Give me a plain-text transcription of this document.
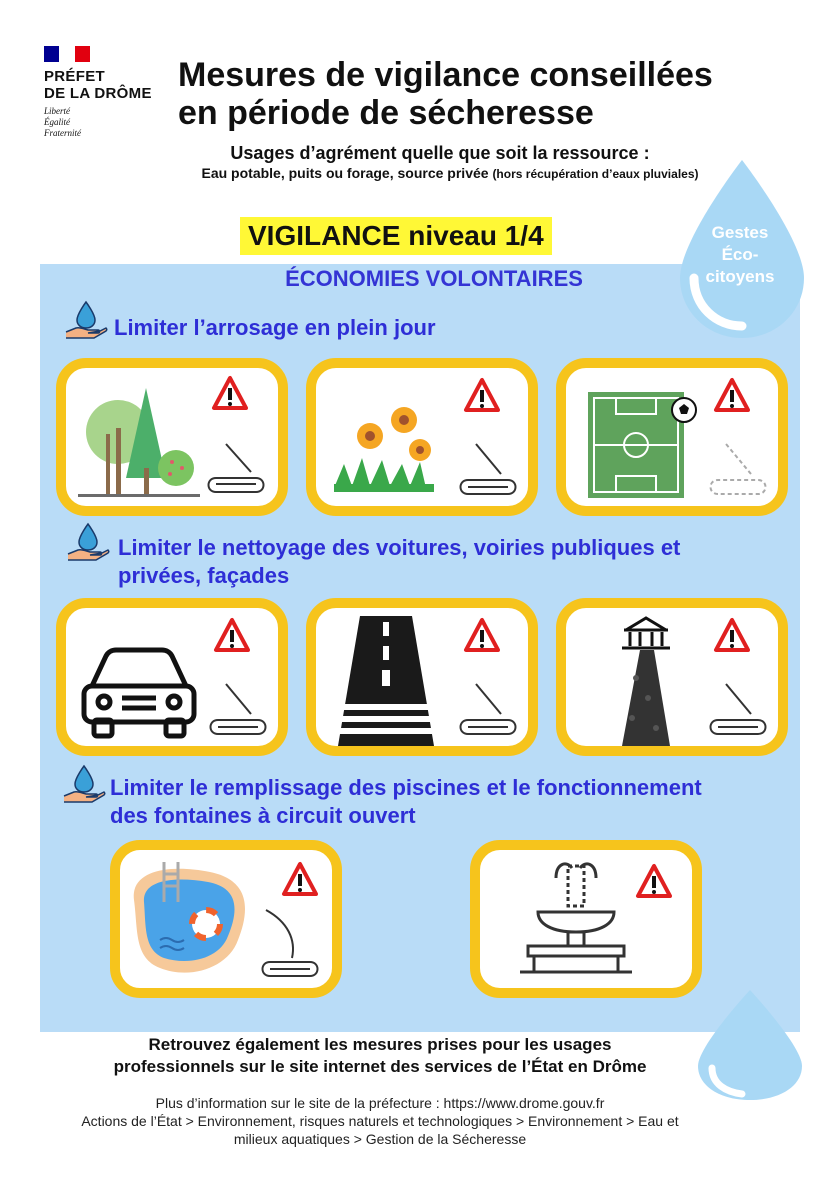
PRÉFET
DE LA DRÔME
Liberté
Égalité
Fraternité
Mesures de vigilance conseillées
en période de sécheresse
Usages d’agrément quelle que soit la ressource :
Eau potable, puits ou forage, source privée (hors récupération d’eaux pluviales)
VIGILANCE niveau 1/4	Gestes
Éco-
citoyens
ÉCONOMIES VOLONTAIRES
Limiter l’arrosage en plein jour
Limiter le nettoyage des voitures, voiries publiques et
privées, façades
Limiter le remplissage des piscines et le fonctionnement
des fontaines à circuit ouvert
Retrouvez également les mesures prises pour les usages
professionnels sur le site internet des services de l’État en Drôme
Plus d’information sur le site de la préfecture : https://www.drome.gouv.fr
Actions de l’État > Environnement, risques naturels et technologiques > Environnement > Eau et
milieux aquatiques > Gestion de la Sécheresse
